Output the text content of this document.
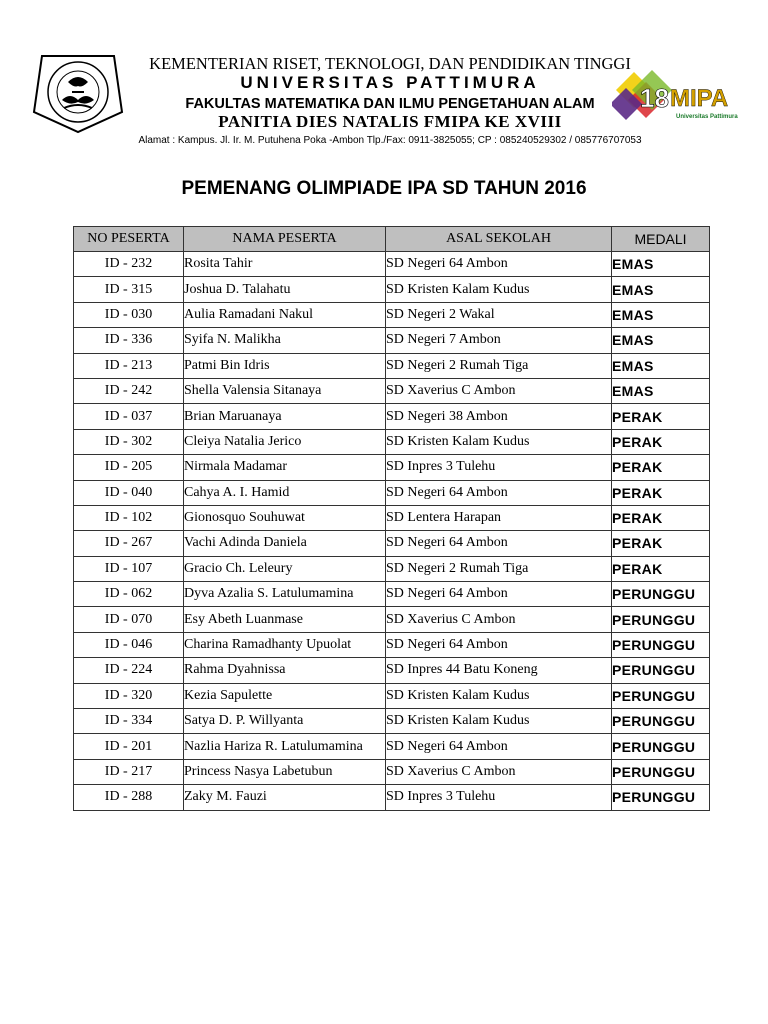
18 MIPA
Universitas Pattimura
KEMENTERIAN RISET, TEKNOLOGI, DAN PENDIDIKAN TINGGI
UNIVERSITAS PATTIMURA
FAKULTAS MATEMATIKA DAN ILMU PENGETAHUAN ALAM
PANITIA DIES NATALIS FMIPA KE XVIII
Alamat : Kampus. Jl. Ir. M. Putuhena Poka -Ambon Tlp./Fax: 0911-3825055; CP : 085240529302 / 085776707053
PEMENANG OLIMPIADE IPA SD TAHUN 2016
NO PESERTA	NAMA PESERTA	ASAL SEKOLAH	MEDALI
ID - 232	Rosita Tahir	SD Negeri 64 Ambon	EMAS
ID - 315	Joshua D. Talahatu	SD Kristen Kalam Kudus	EMAS
ID - 030	Aulia Ramadani Nakul	SD Negeri 2 Wakal	EMAS
ID - 336	Syifa N. Malikha	SD Negeri 7 Ambon	EMAS
ID - 213	Patmi Bin Idris	SD Negeri 2 Rumah Tiga	EMAS
ID - 242	Shella Valensia Sitanaya	SD Xaverius C Ambon	EMAS
ID - 037	Brian Maruanaya	SD Negeri 38 Ambon	PERAK
ID - 302	Cleiya Natalia Jerico	SD Kristen Kalam Kudus	PERAK
ID - 205	Nirmala Madamar	SD Inpres 3 Tulehu	PERAK
ID - 040	Cahya A. I. Hamid	SD Negeri 64 Ambon	PERAK
ID - 102	Gionosquo Souhuwat	SD Lentera Harapan	PERAK
ID - 267	Vachi Adinda Daniela	SD Negeri 64 Ambon	PERAK
ID - 107	Gracio Ch. Leleury	SD Negeri 2 Rumah Tiga	PERAK
ID - 062	Dyva Azalia S. Latulumamina	SD Negeri 64 Ambon	PERUNGGU
ID - 070	Esy Abeth Luanmase	SD Xaverius C Ambon	PERUNGGU
ID - 046	Charina Ramadhanty Upuolat	SD Negeri 64 Ambon	PERUNGGU
ID - 224	Rahma Dyahnissa	SD Inpres 44 Batu Koneng	PERUNGGU
ID - 320	Kezia Sapulette	SD Kristen Kalam Kudus	PERUNGGU
ID - 334	Satya D. P. Willyanta	SD Kristen Kalam Kudus	PERUNGGU
ID - 201	Nazlia Hariza R. Latulumamina	SD Negeri 64 Ambon	PERUNGGU
ID - 217	Princess Nasya Labetubun	SD Xaverius C Ambon	PERUNGGU
ID - 288	Zaky M. Fauzi	SD Inpres 3 Tulehu	PERUNGGU
